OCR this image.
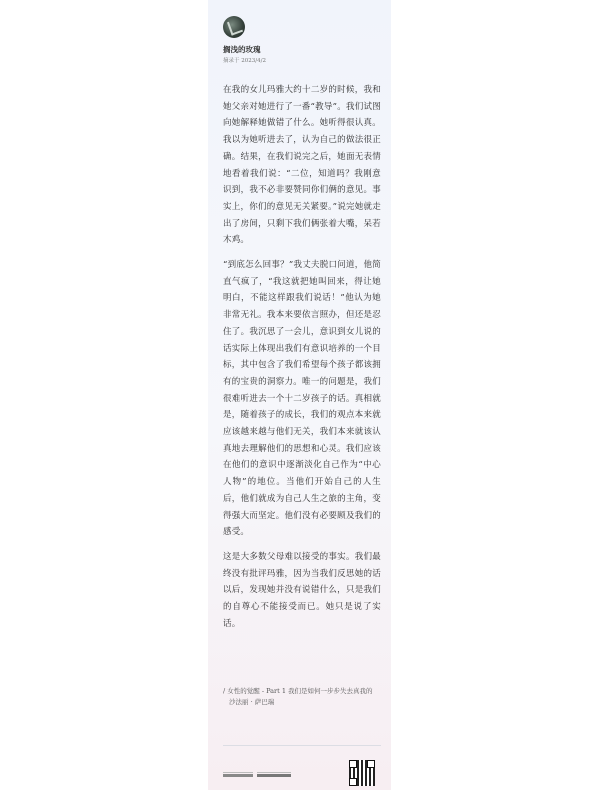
搁浅的玫瑰
摘录于 2023/4/2

在我的女儿玛雅大约十二岁的时候，我和她父亲对她进行了一番“教导”。我们试图向她解释她做错了什么。她听得很认真。我以为她听进去了，认为自己的做法很正确。结果，在我们说完之后，她面无表情地看着我们说：“二位，知道吗？我刚意识到，我不必非要赞同你们俩的意见。事实上，你们的意见无关紧要。”说完她就走出了房间，只剩下我们俩张着大嘴，呆若木鸡。

“到底怎么回事？”我丈夫脱口问道，他简直气疯了，“我这就把她叫回来，得让她明白，不能这样跟我们说话！”他认为她非常无礼。我本来要依言照办，但还是忍住了。我沉思了一会儿，意识到女儿说的话实际上体现出我们有意识培养的一个目标，其中包含了我们希望每个孩子都该拥有的宝贵的洞察力。唯一的问题是，我们很难听进去一个十二岁孩子的话。真相就是，随着孩子的成长，我们的观点本来就应该越来越与他们无关，我们本来就该认真地去理解他们的思想和心灵。我们应该在他们的意识中逐渐淡化自己作为“中心人物”的地位。当他们开始自己的人生后，他们就成为自己人生之旅的主角，变得强大而坚定。他们没有必要顾及我们的感受。

这是大多数父母难以接受的事实。我们最终没有批评玛雅，因为当我们反思她的话以后，发现她并没有说错什么，只是我们的自尊心不能接受而已。她只是说了实话。

/ 女性的觉醒 - Part 1 我们是如何一步步失去真我的
沙法丽 · 萨巴瑞
